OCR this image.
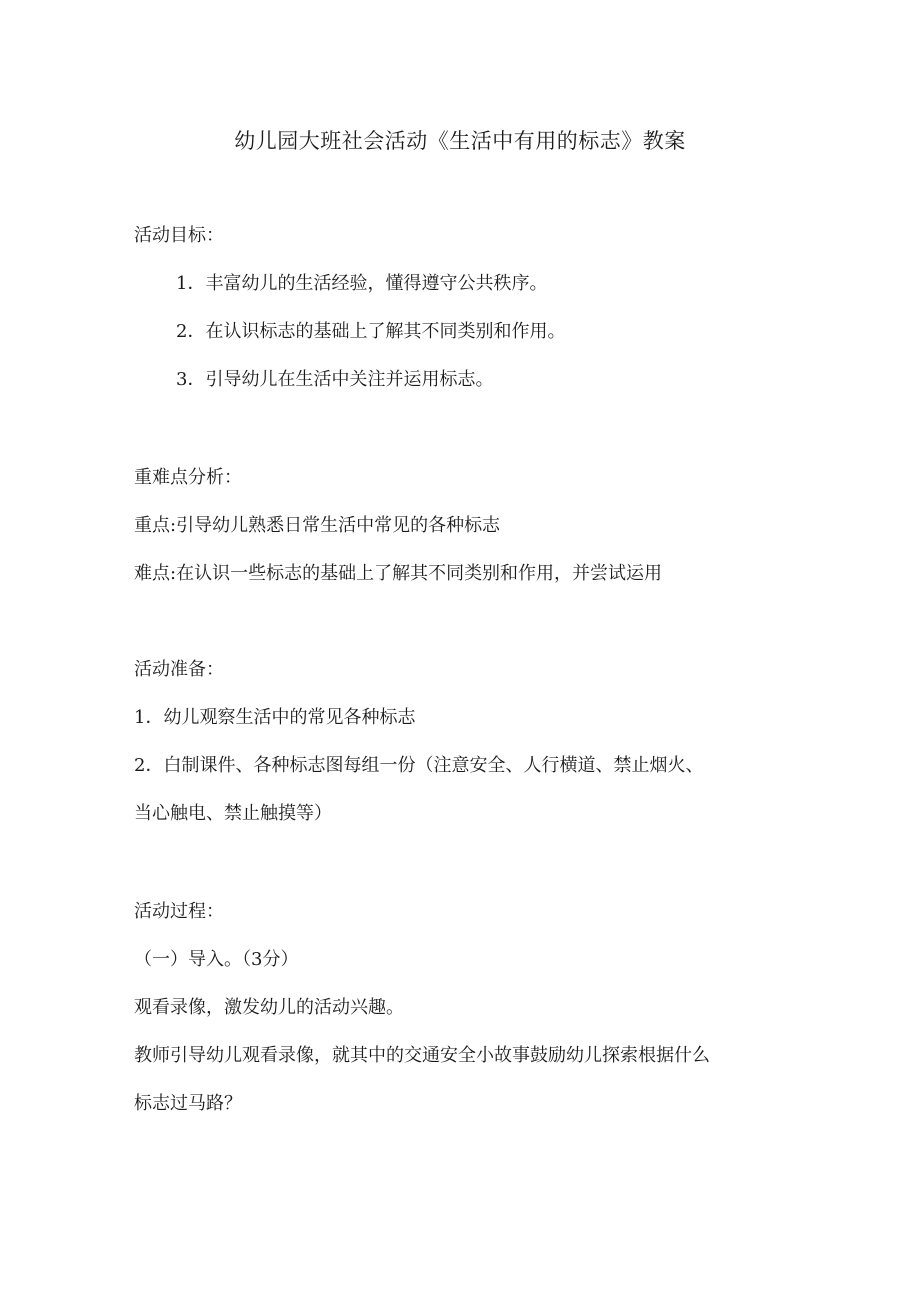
幼儿园大班社会活动《生活中有用的标志》教案
活动目标：
1．丰富幼儿的生活经验，懂得遵守公共秩序。
2．在认识标志的基础上了解其不同类别和作用。
3．引导幼儿在生活中关注并运用标志。
重难点分析：
重点:引导幼儿熟悉日常生活中常见的各种标志
难点:在认识一些标志的基础上了解其不同类别和作用，并尝试运用
活动准备：
1．幼儿观察生活中的常见各种标志
2．白制课件、各种标志图每组一份（注意安全、人行横道、禁止烟火、
当心触电、禁止触摸等）
活动过程：
（一）导入。（3分）
观看录像，激发幼儿的活动兴趣。
教师引导幼儿观看录像，就其中的交通安全小故事鼓励幼儿探索根据什么
标志过马路？
